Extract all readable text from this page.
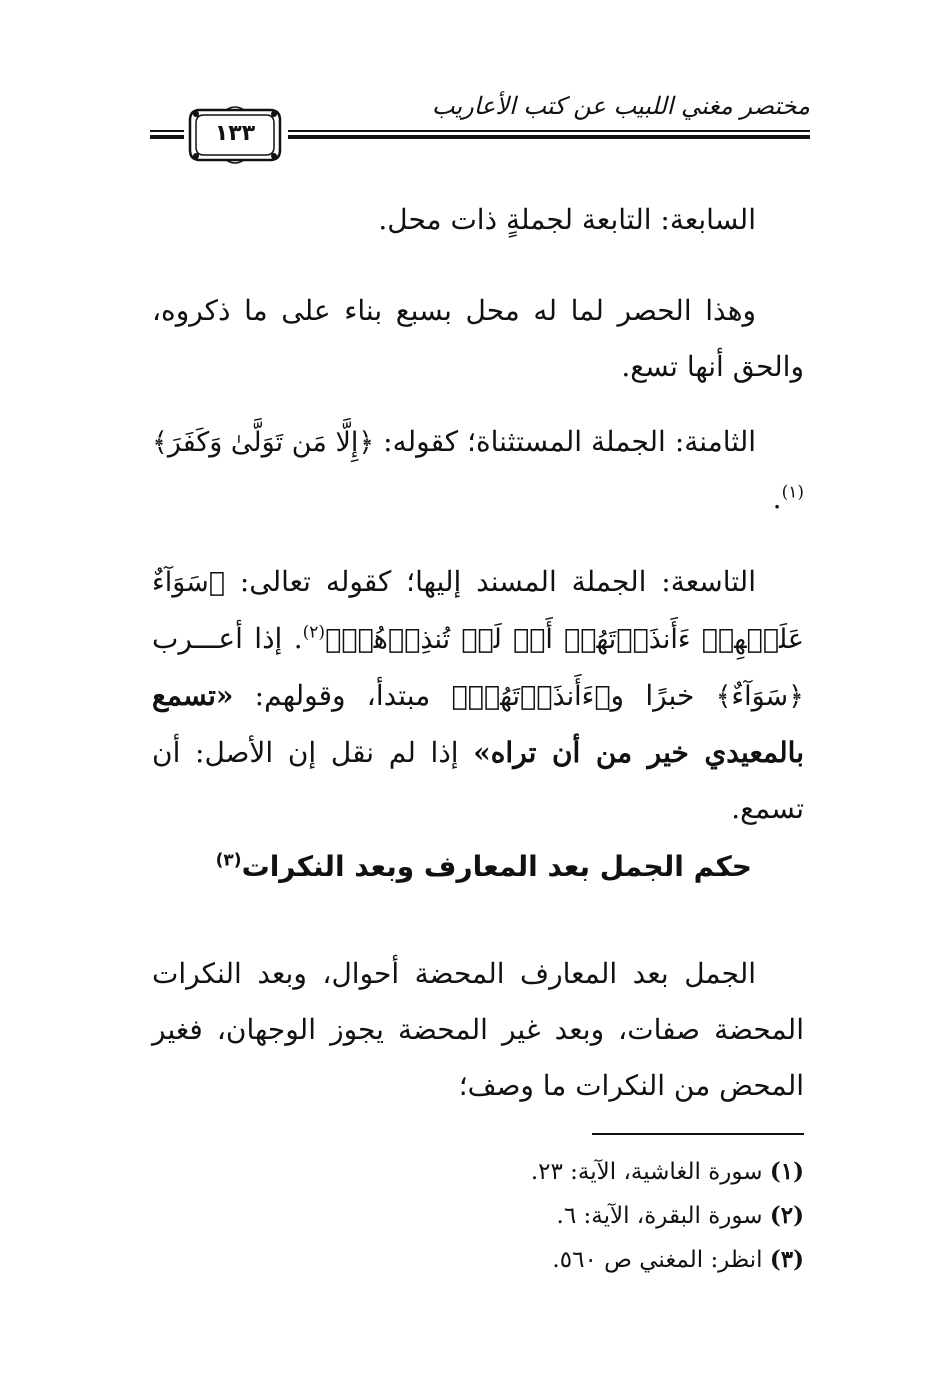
مختصر مغني اللبيب عن كتب الأعاريب
١٣٣
السابعة: التابعة لجملةٍ ذات محل.
وهذا الحصر لما له محل بسبع بناء على ما ذكروه، والحق أنها تسع.
الثامنة: الجملة المستثناة؛ كقوله: ﴿إِلَّا مَن تَوَلَّىٰ وَكَفَرَ﴾$^{(١)}$.
التاسعة: الجملة المسند إليها؛ كقوله تعالى: ﴿سَوَآءٌ عَلَيۡهِمۡ ءَأَنذَرۡتَهُمۡ أَمۡ لَمۡ تُنذِرۡهُمۡ﴾$^{(٢)}$. إذا أعـــرب ﴿سَوَآءٌ﴾ خبرًا و﴿ءَأَنذَرۡتَهُمۡ﴾ مبتدأ، وقولهم: «تسمع بالمعيدي خير من أن تراه» إذا لم نقل إن الأصل: أن تسمع.
حكم الجمل بعد المعارف وبعد النكرات$^{(٣)}$
الجمل بعد المعارف المحضة أحوال، وبعد النكرات المحضة صفات، وبعد غير المحضة يجوز الوجهان، فغير المحض من النكرات ما وصف؛
(١) سورة الغاشية، الآية: ٢٣.
(٢) سورة البقرة، الآية: ٦.
(٣) انظر: المغني ص ٥٦٠.
